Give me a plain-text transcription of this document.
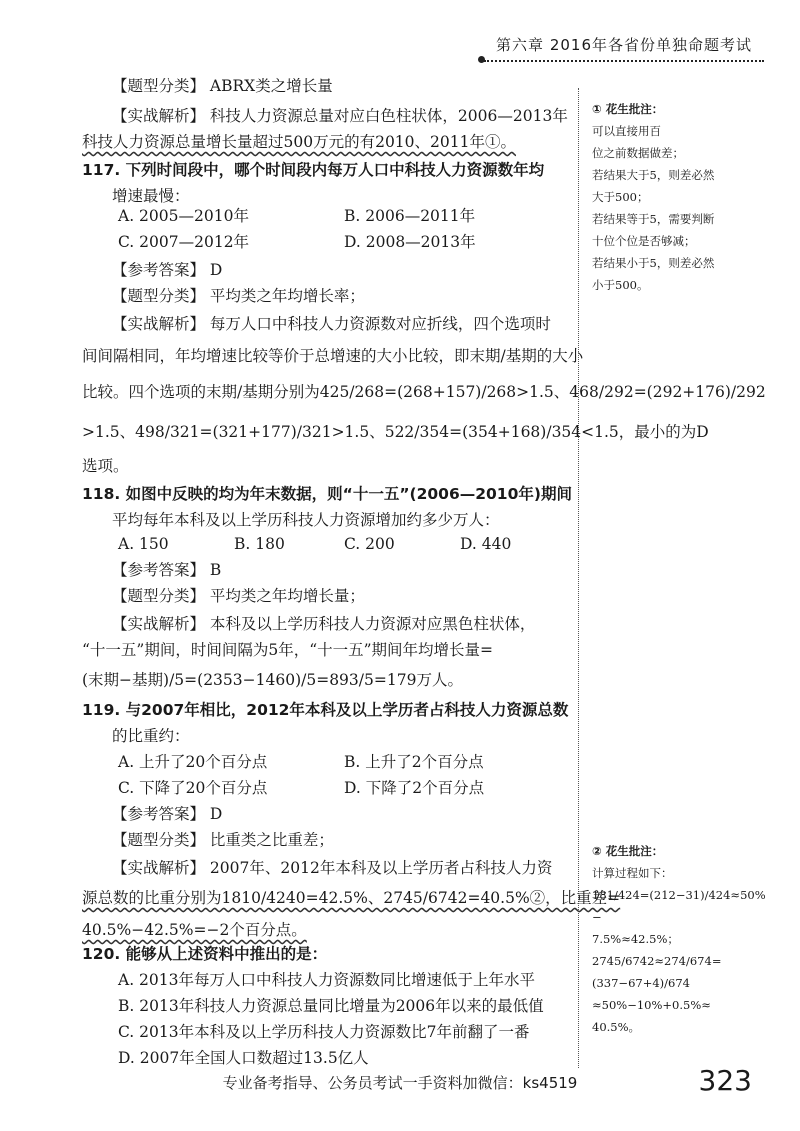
第六章 2016年各省份单独命题考试
【题型分类】 ABRX类之增长量
【实战解析】 科技人力资源总量对应白色柱状体，2006—2013年
科技人力资源总量增长量超过500万元的有2010、2011年①。
117. 下列时间段中，哪个时间段内每万人口中科技人力资源数年均
增速最慢：
A. 2005—2010年	B. 2006—2011年
C. 2007—2012年	D. 2008—2013年
【参考答案】 D
【题型分类】 平均类之年均增长率；
【实战解析】 每万人口中科技人力资源数对应折线，四个选项时
间间隔相同，年均增速比较等价于总增速的大小比较，即末期/基期的大小
比较。四个选项的末期/基期分别为425/268=(268+157)/268>1.5、468/292=(292+176)/292
>1.5、498/321=(321+177)/321>1.5、522/354=(354+168)/354<1.5，最小的为D
选项。
118. 如图中反映的均为年末数据，则“十一五”(2006—2010年)期间
平均每年本科及以上学历科技人力资源增加约多少万人：
A. 150	B. 180	C. 200	D. 440
【参考答案】 B
【题型分类】 平均类之年均增长量；
【实战解析】 本科及以上学历科技人力资源对应黑色柱状体，
“十一五”期间，时间间隔为5年，“十一五”期间年均增长量=
(末期−基期)/5=(2353−1460)/5=893/5=179万人。
119. 与2007年相比，2012年本科及以上学历者占科技人力资源总数
的比重约：
A. 上升了20个百分点	B. 上升了2个百分点
C. 下降了20个百分点	D. 下降了2个百分点
【参考答案】 D
【题型分类】 比重类之比重差；
【实战解析】 2007年、2012年本科及以上学历者占科技人力资
源总数的比重分别为1810/4240=42.5%、2745/6742=40.5%②，比重差=
40.5%−42.5%=−2个百分点。
120. 能够从上述资料中推出的是：
A. 2013年每万人口中科技人力资源数同比增速低于上年水平
B. 2013年科技人力资源总量同比增量为2006年以来的最低值
C. 2013年本科及以上学历科技人力资源数比7年前翻了一番
D. 2007年全国人口数超过13.5亿人
① 花生批注：
可以直接用百
位之前数据做差；
若结果大于5，则差必然
大于500；
若结果等于5，需要判断
十位个位是否够减；
若结果小于5，则差必然
小于500。
② 花生批注：
计算过程如下：
181/424=(212−31)/424≈50%−
7.5%≈42.5%；
2745/6742≈274/674=(337−67+4)/674
≈50%−10%+0.5%≈
40.5%。
专业备考指导、公务员考试一手资料加微信：ks4519	323
